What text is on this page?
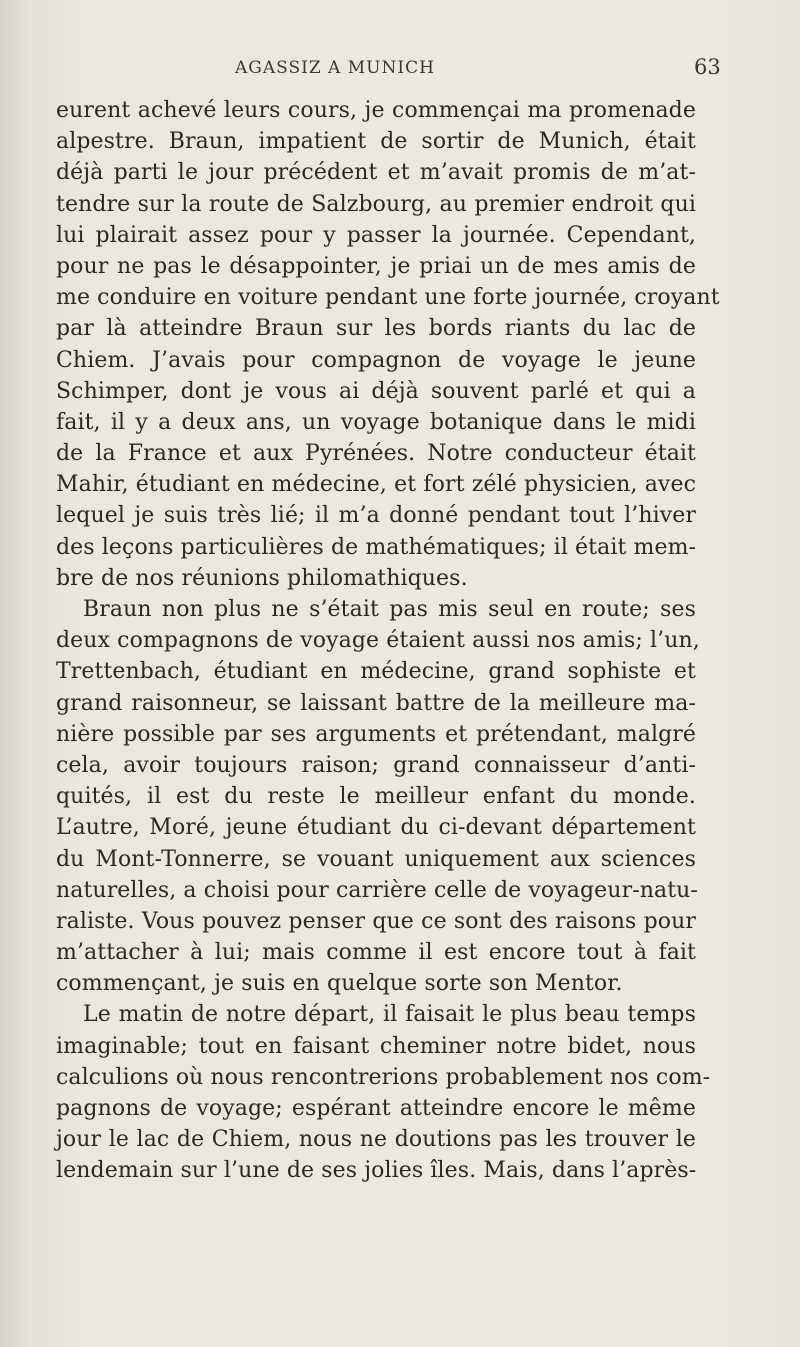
AGASSIZ A MUNICH	63
eurent achevé leurs cours, je commençai ma promenade
alpestre. Braun, impatient de sortir de Munich, était
déjà parti le jour précédent et m’avait promis de m’at-
tendre sur la route de Salzbourg, au premier endroit qui
lui plairait assez pour y passer la journée. Cependant,
pour ne pas le désappointer, je priai un de mes amis de
me conduire en voiture pendant une forte journée, croyant
par là atteindre Braun sur les bords riants du lac de
Chiem. J’avais pour compagnon de voyage le jeune
Schimper, dont je vous ai déjà souvent parlé et qui a
fait, il y a deux ans, un voyage botanique dans le midi
de la France et aux Pyrénées. Notre conducteur était
Mahir, étudiant en médecine, et fort zélé physicien, avec
lequel je suis très lié; il m’a donné pendant tout l’hiver
des leçons particulières de mathématiques; il était mem-
bre de nos réunions philomathiques.
Braun non plus ne s’était pas mis seul en route; ses
deux compagnons de voyage étaient aussi nos amis; l’un,
Trettenbach, étudiant en médecine, grand sophiste et
grand raisonneur, se laissant battre de la meilleure ma-
nière possible par ses arguments et prétendant, malgré
cela, avoir toujours raison; grand connaisseur d’anti-
quités, il est du reste le meilleur enfant du monde.
L’autre, Moré, jeune étudiant du ci-devant département
du Mont-Tonnerre, se vouant uniquement aux sciences
naturelles, a choisi pour carrière celle de voyageur-natu-
raliste. Vous pouvez penser que ce sont des raisons pour
m’attacher à lui; mais comme il est encore tout à fait
commençant, je suis en quelque sorte son Mentor.
Le matin de notre départ, il faisait le plus beau temps
imaginable; tout en faisant cheminer notre bidet, nous
calculions où nous rencontrerions probablement nos com-
pagnons de voyage; espérant atteindre encore le même
jour le lac de Chiem, nous ne doutions pas les trouver le
lendemain sur l’une de ses jolies îles. Mais, dans l’après-
